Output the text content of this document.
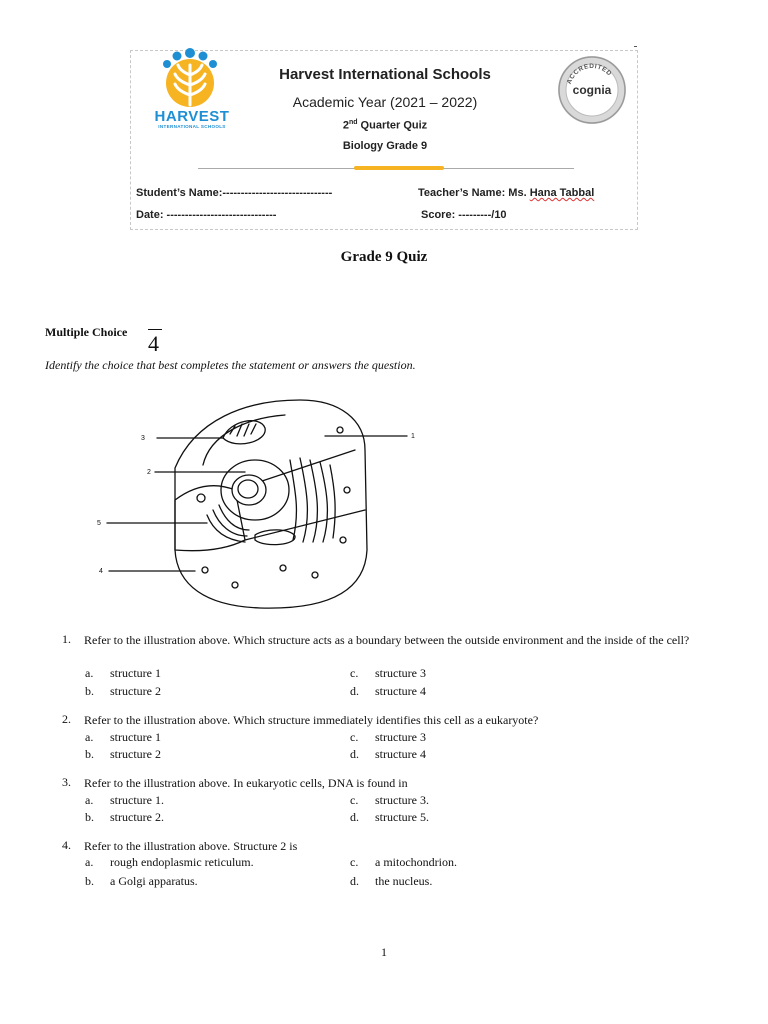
HARVEST
INTERNATIONAL SCHOOLS
Harvest International Schools
Academic Year (2021 – 2022)
2nd Quarter Quiz
Biology Grade 9
ACCREDITED
cognia
Student’s Name:------------------------------	Teacher’s Name: Ms. Hana Tabbal
Date: ------------------------------	Score: ---------/10
Grade 9 Quiz
Multiple Choice 4
Identify the choice that best completes the statement or answers the question.
1
2
3
4
5
1. Refer to the illustration above. Which structure acts as a boundary between the outside environment and the inside of the cell?
a. structure 1
b. structure 2
c. structure 3
d. structure 4
2. Refer to the illustration above. Which structure immediately identifies this cell as a eukaryote?
a. structure 1
b. structure 2
c. structure 3
d. structure 4
3. Refer to the illustration above. In eukaryotic cells, DNA is found in
a. structure 1.
b. structure 2.
c. structure 3.
d. structure 5.
4. Refer to the illustration above. Structure 2 is
a. rough endoplasmic reticulum.
b. a Golgi apparatus.
c. a mitochondrion.
d. the nucleus.
1
